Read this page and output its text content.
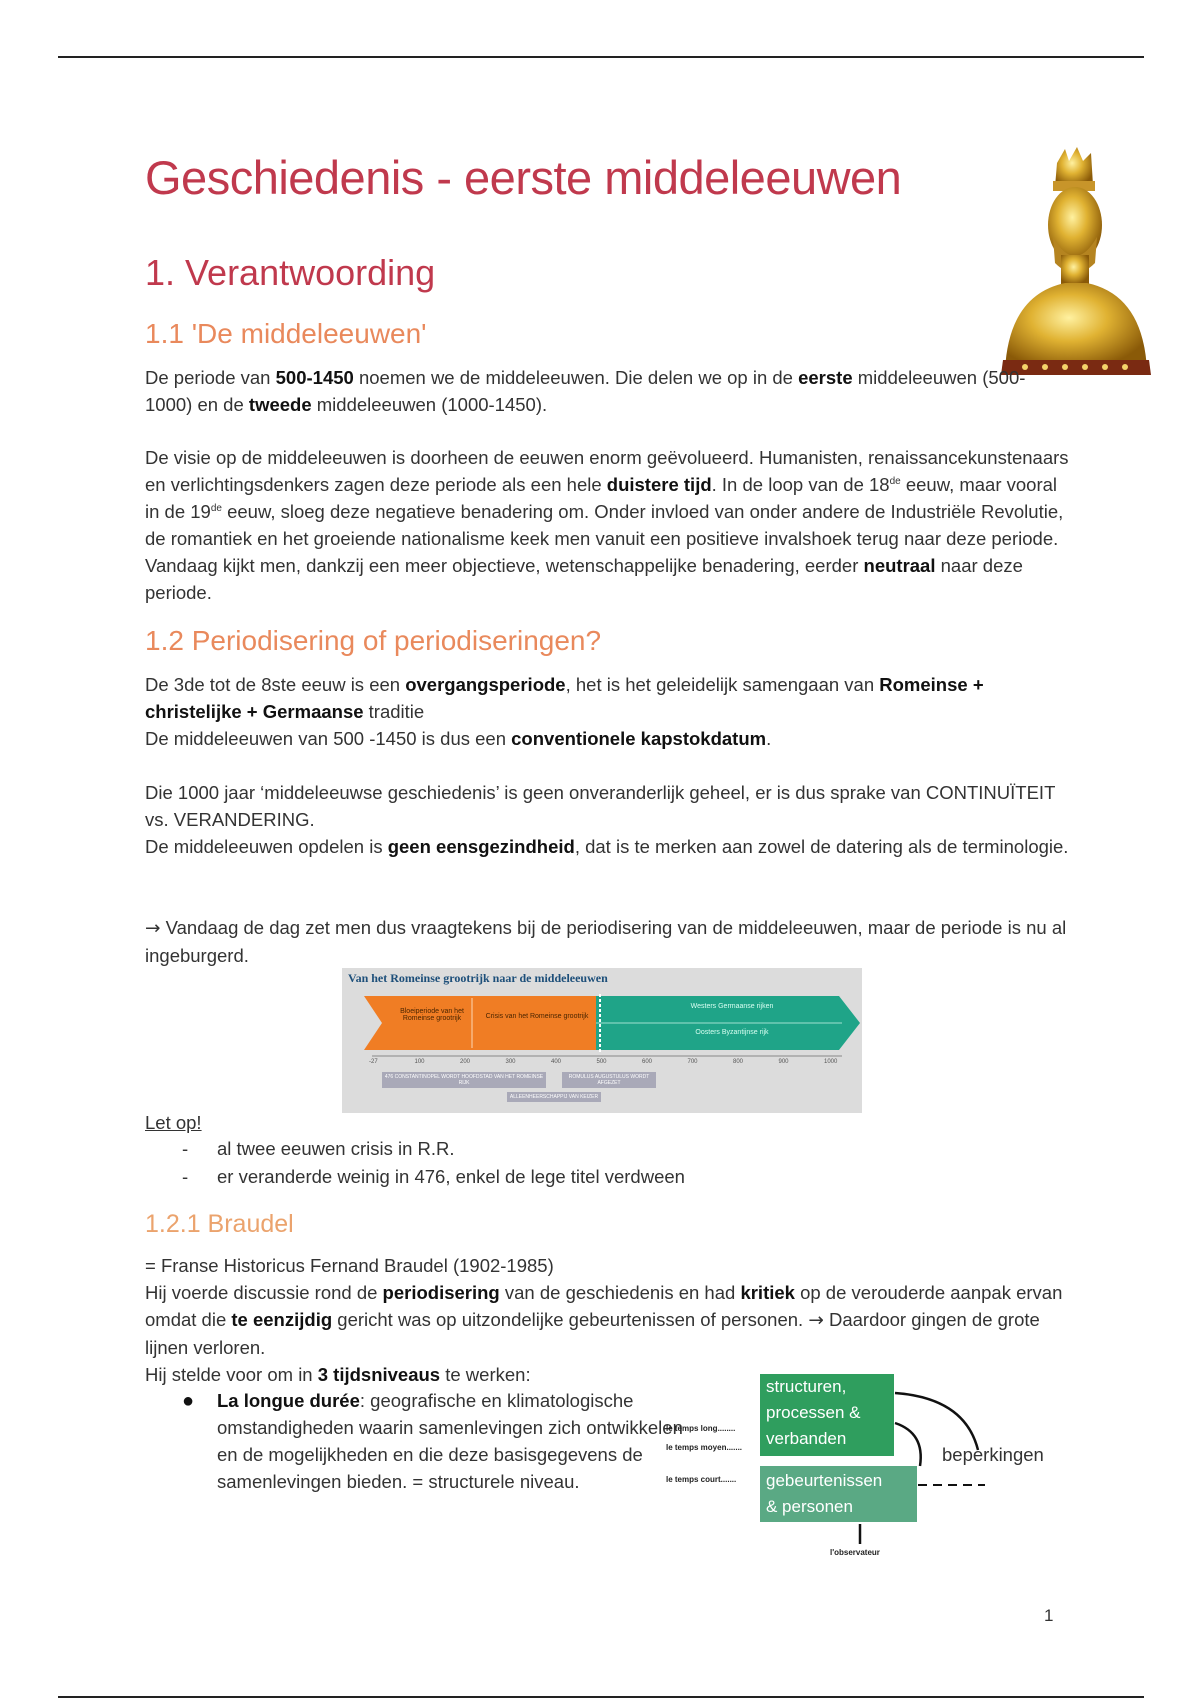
Geschiedenis - eerste middeleeuwen
1. Verantwoording
1.1 'De middeleeuwen'
De periode van 500-1450 noemen we de middeleeuwen. Die delen we op in de eerste middeleeuwen (500-1000) en de tweede middeleeuwen (1000-1450).
De visie op de middeleeuwen is doorheen de eeuwen enorm geëvolueerd. Humanisten, renaissancekunstenaars en verlichtingsdenkers zagen deze periode als een hele duistere tijd. In de loop van de 18de eeuw, maar vooral in de 19de eeuw, sloeg deze negatieve benadering om. Onder invloed van onder andere de Industriële Revolutie, de romantiek en het groeiende nationalisme keek men vanuit een positieve invalshoek terug naar deze periode. Vandaag kijkt men, dankzij een meer objectieve, wetenschappelijke benadering, eerder neutraal naar deze periode.
1.2 Periodisering of periodiseringen?
De 3de tot de 8ste eeuw is een overgangsperiode, het is het geleidelijk samengaan van Romeinse + christelijke + Germaanse traditie
De middeleeuwen van 500 -1450 is dus een conventionele kapstokdatum.
Die 1000 jaar ‘middeleeuwse geschiedenis’ is geen onveranderlijk geheel, er is dus sprake van CONTINUÏTEIT vs. VERANDERING.
De middeleeuwen opdelen is geen eensgezindheid, dat is te merken aan zowel de datering als de terminologie.
→ Vandaag de dag zet men dus vraagtekens bij de periodisering van de middeleeuwen, maar de periode is nu al ingeburgerd.
Van het Romeinse grootrijk naar de middeleeuwen
Bloeiperiode van het Romeinse grootrijk	Crisis van het Romeinse grootrijk
Westers Germaanse rijken
Oosters Byzantijnse rijk
-27	100	200	300	400	500	600	700	800	900	1000
476 CONSTANTINOPEL WORDT HOOFDSTAD VAN HET ROMEINSE RIJK
ROMULUS AUGUSTULUS WORDT AFGEZET
ALLEENHEERSCHAPPIJ VAN KEIZER
Let op!
- al twee eeuwen crisis in R.R.
- er veranderde weinig in 476, enkel de lege titel verdween
1.2.1 Braudel
= Franse Historicus Fernand Braudel (1902-1985)
Hij voerde discussie rond de periodisering van de geschiedenis en had kritiek op de verouderde aanpak ervan omdat die te eenzijdig gericht was op uitzondelijke gebeurtenissen of personen. → Daardoor gingen de grote lijnen verloren.
Hij stelde voor om in 3 tijdsniveaus te werken:
● La longue durée: geografische en klimatologische omstandigheden waarin samenlevingen zich ontwikkelen en de mogelijkheden en die deze basisgegevens de samenlevingen bieden. = structurele niveau.
structuren,
processen &
verbanden
gebeurtenissen
& personen
beperkingen
le temps long........
le temps moyen.......
le temps court.......
l'observateur
1
